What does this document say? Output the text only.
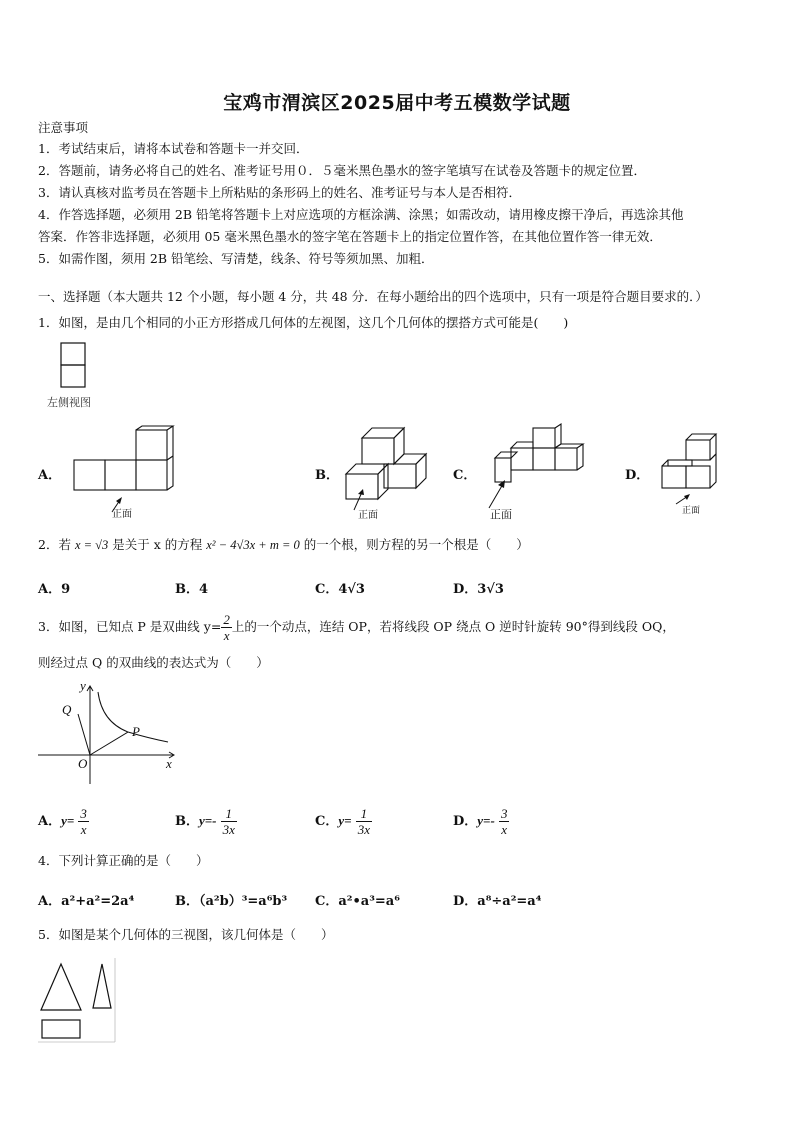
宝鸡市渭滨区2025届中考五模数学试题
注意事项
1．考试结束后，请将本试卷和答题卡一并交回．
2．答题前，请务必将自己的姓名、准考证号用０．５毫米黑色墨水的签字笔填写在试卷及答题卡的规定位置．
3．请认真核对监考员在答题卡上所粘贴的条形码上的姓名、准考证号与本人是否相符．
4．作答选择题，必须用 2B 铅笔将答题卡上对应选项的方框涂满、涂黑；如需改动，请用橡皮擦干净后，再选涂其他
答案．作答非选择题，必须用 05 毫米黑色墨水的签字笔在答题卡上的指定位置作答，在其他位置作答一律无效．
5．如需作图，须用 2B 铅笔绘、写清楚，线条、符号等须加黑、加粗．
一、选择题（本大题共 12 个小题，每小题 4 分，共 48 分．在每小题给出的四个选项中，只有一项是符合题目要求的．）
1．如图，是由几个相同的小正方形搭成几何体的左视图，这几个几何体的摆搭方式可能是(　　)
左侧视图
A．
正面
B．
正面
C．
正面
D．
正面
2．若 x = √3 是关于 x 的方程 x² − 4√3x + m = 0 的一个根，则方程的另一个根是（　　）
A．9	B．4	C．4√3	D．3√3
3．如图，已知点 P 是双曲线 $y= \frac{2}{x}$ 上的一个动点，连结 OP，若将线段 OP 绕点 O 逆时针旋转 90°得到线段 OQ，
则经过点 Q 的双曲线的表达式为（　　）
y
x
O
P
Q
A．$y= \frac{3}{x}$	B．$y=- \frac{1}{3x}$	C．$y= \frac{1}{3x}$	D．$y=- \frac{3}{x}$
4．下列计算正确的是（　　）
A．a²+a²=2a⁴	B．（a²b）³=a⁶b³ C．a²•a³=a⁶	D．a⁸÷a²=a⁴
5．如图是某个几何体的三视图，该几何体是（　　）
